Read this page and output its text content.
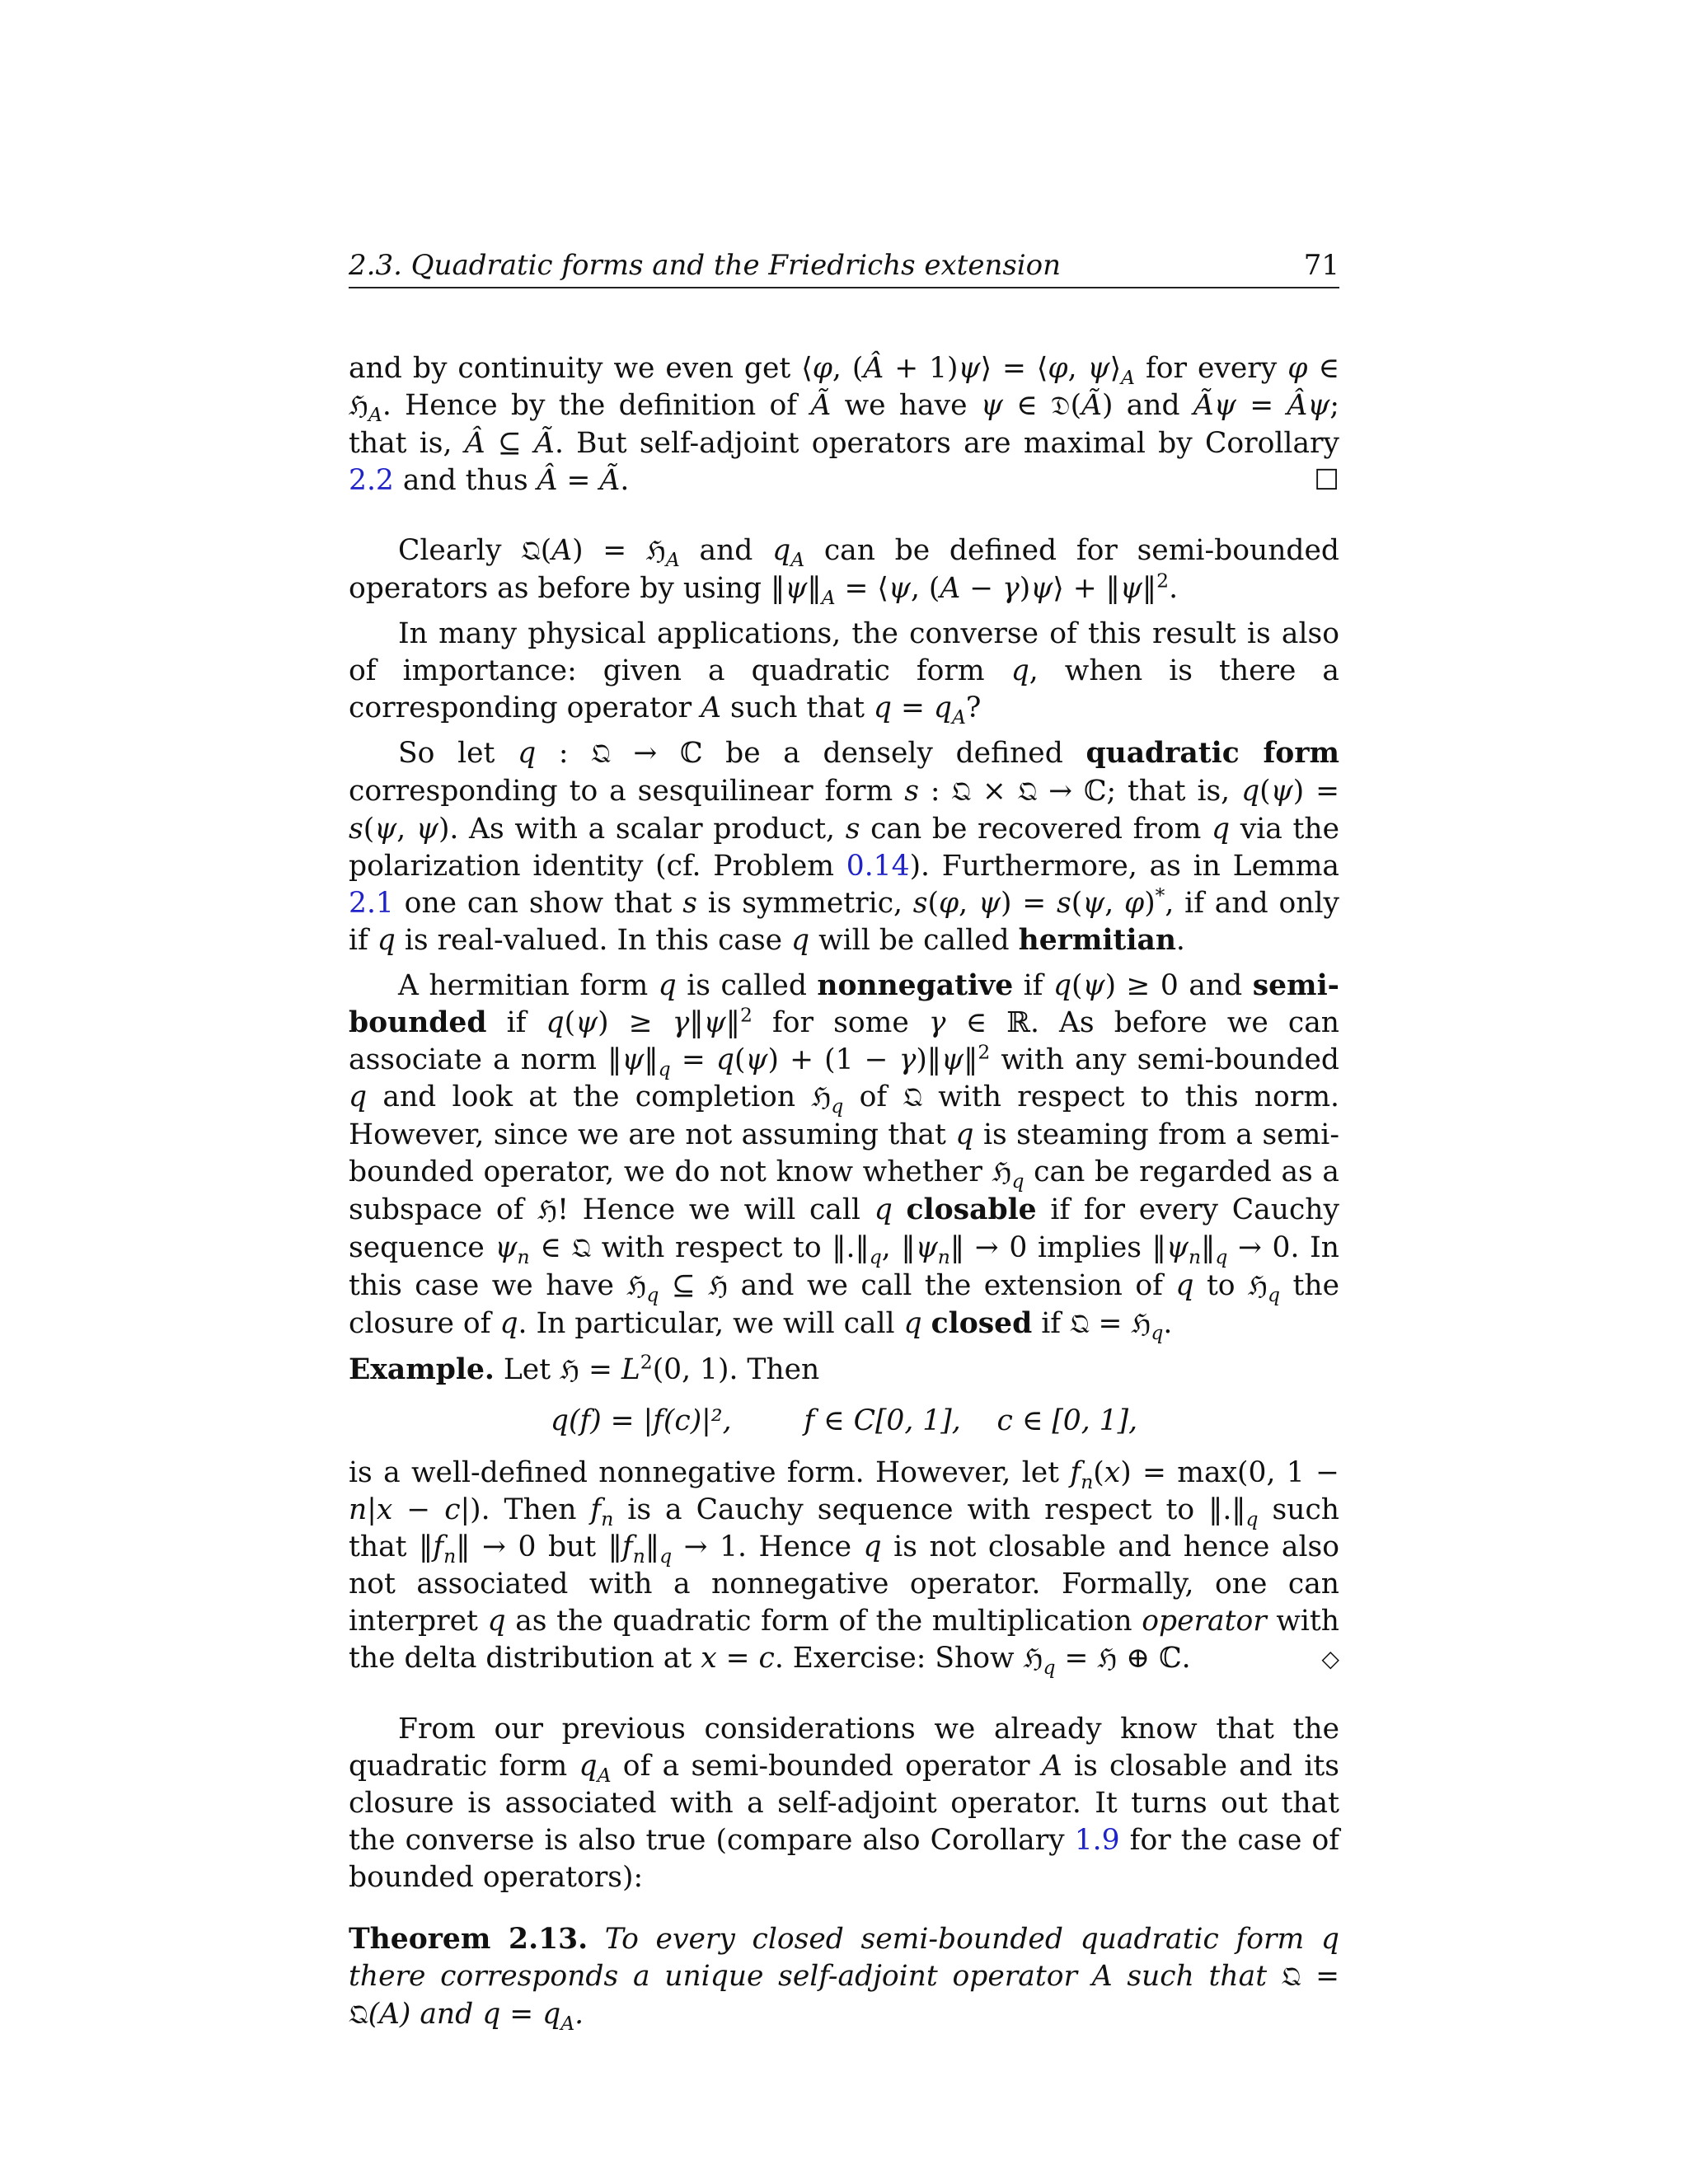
2.3. Quadratic forms and the Friedrichs extension	71

and by continuity we even get ⟨φ, (Â + 1)ψ⟩ = ⟨φ, $\psi⟩_A$ for every φ ∈ ℌ$_A$. Hence by the definition of Ã we have ψ ∈ 𝔇(Ã) and Ãψ = Âψ; that is, Â ⊆ Ã. But self-adjoint operators are maximal by Corollary 2.2 and thus Â = Ã.	☐

Clearly 𝔔(A) = ℌ$_A$ and $q_A$ can be defined for semi-bounded operators as before by using $‖\psi‖_A$ = ⟨ψ, (A − γ)ψ⟩ + ‖ψ‖$^2$.

In many physical applications, the converse of this result is also of importance: given a quadratic form q, when is there a corresponding operator A such that $q = q_A$?

So let q : 𝔔 → ℂ be a densely defined quadratic form corresponding to a sesquilinear form s : 𝔔 × 𝔔 → ℂ; that is, q(ψ) = s(ψ, ψ). As with a scalar product, s can be recovered from q via the polarization identity (cf. Problem 0.14). Furthermore, as in Lemma 2.1 one can show that s is symmetric, s(φ, ψ) = s(ψ, φ)*, if and only if q is real-valued. In this case q will be called hermitian.

A hermitian form q is called nonnegative if q(ψ) ≥ 0 and semi-bounded if q(ψ) ≥ γ‖ψ‖$^2$ for some γ ∈ ℝ. As before we can associate a norm $‖\psi‖_q = q(\psi) + (1$ − γ)‖ψ‖$^2$ with any semi-bounded q and look at the completion ℌ$_q$ of 𝔔 with respect to this norm. However, since we are not assuming that q is steaming from a semi-bounded operator, we do not know whether ℌ$_q$ can be regarded as a subspace of ℌ! Hence we will call q closable if for every Cauchy sequence $\psi_n$ ∈ 𝔔 with respect to $‖.‖_q$, $‖\psi_n‖ \to 0$ implies $‖\psi_n‖_q \to 0$. In this case we have ℌ$_q$ ⊆ ℌ and we call the extension of q to ℌ$_q$ the closure of q. In particular, we will call q closed if 𝔔 = ℌ$_q$.

Example. Let ℌ = $L^2(0$, 1). Then

q(f) = |f(c)|²,        f ∈ C[0, 1],    c ∈ [0, 1],

is a well-defined nonnegative form. However, let $f_n(x) = \max(0$, 1 − n|x − c|). Then $f_n$ is a Cauchy sequence with respect to $‖.‖_q$ such that $‖f_n‖ \to 0$ but $‖f_n‖_q \to 1$. Hence q is not closable and hence also not associated with a nonnegative operator. Formally, one can interpret q as the quadratic form of the multiplication operator with the delta distribution at x = c. Exercise: Show ℌ$_q$ = ℌ ⊕ ℂ.	◇

From our previous considerations we already know that the quadratic form $q_A$ of a semi-bounded operator A is closable and its closure is associated with a self-adjoint operator. It turns out that the converse is also true (compare also Corollary 1.9 for the case of bounded operators):

Theorem 2.13. To every closed semi-bounded quadratic form q there corresponds a unique self-adjoint operator A such that 𝔔 = 𝔔(A) and $q = q_A$.
